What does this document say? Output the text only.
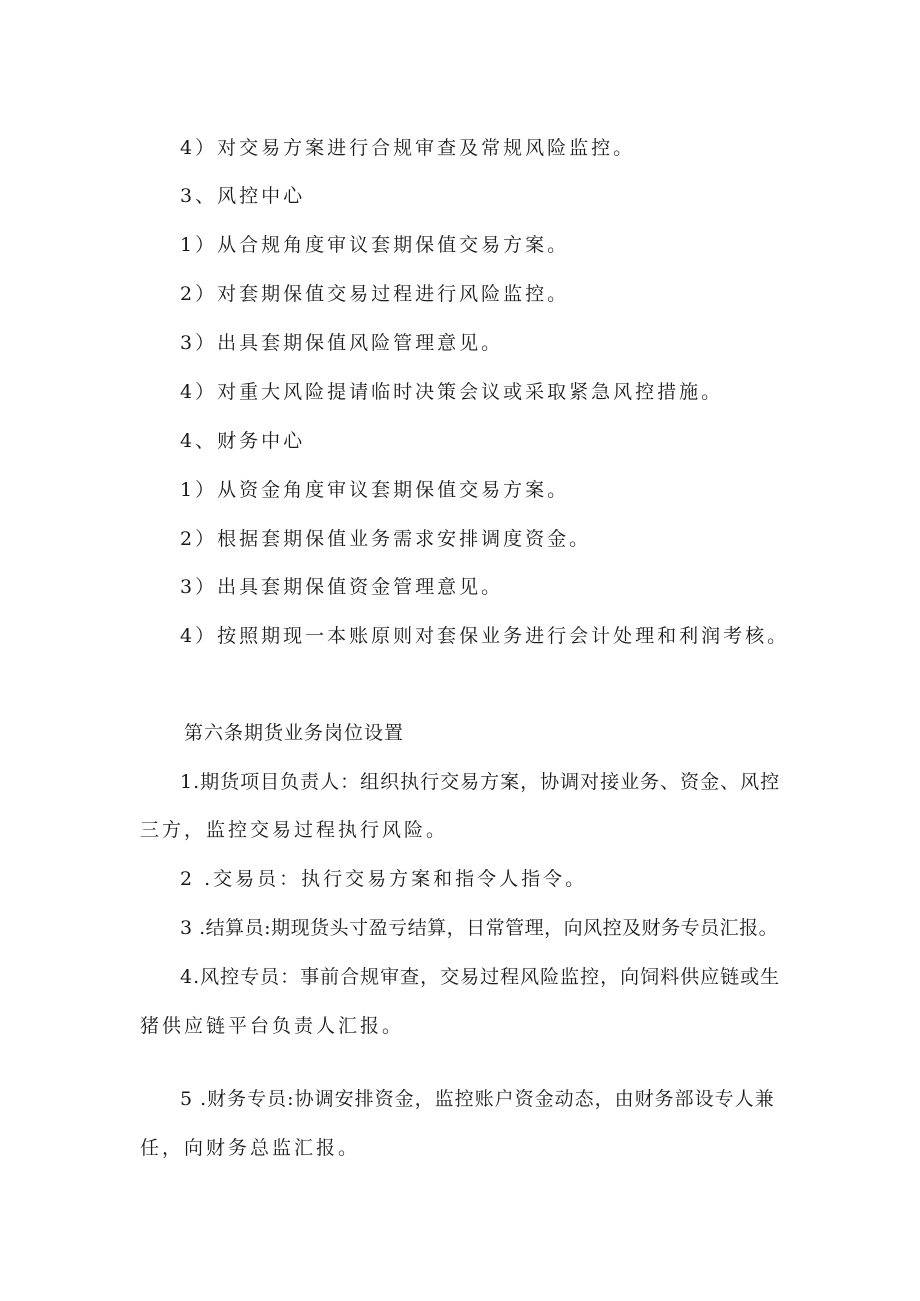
4）对交易方案进行合规审查及常规风险监控。
3、风控中心
1）从合规角度审议套期保值交易方案。
2）对套期保值交易过程进行风险监控。
3）出具套期保值风险管理意见。
4）对重大风险提请临时决策会议或采取紧急风控措施。
4、财务中心
1）从资金角度审议套期保值交易方案。
2）根据套期保值业务需求安排调度资金。
3）出具套期保值资金管理意见。
4）按照期现一本账原则对套保业务进行会计处理和利润考核。
第六条期货业务岗位设置
1.期货项目负责人：组织执行交易方案，协调对接业务、资金、风控
三方，监控交易过程执行风险。
2 .交易员：执行交易方案和指令人指令。
3 .结算员:期现货头寸盈亏结算，日常管理，向风控及财务专员汇报。
4.风控专员：事前合规审查，交易过程风险监控，向饲料供应链或生
猪供应链平台负责人汇报。
5 .财务专员:协调安排资金，监控账户资金动态，由财务部设专人兼
任，向财务总监汇报。
